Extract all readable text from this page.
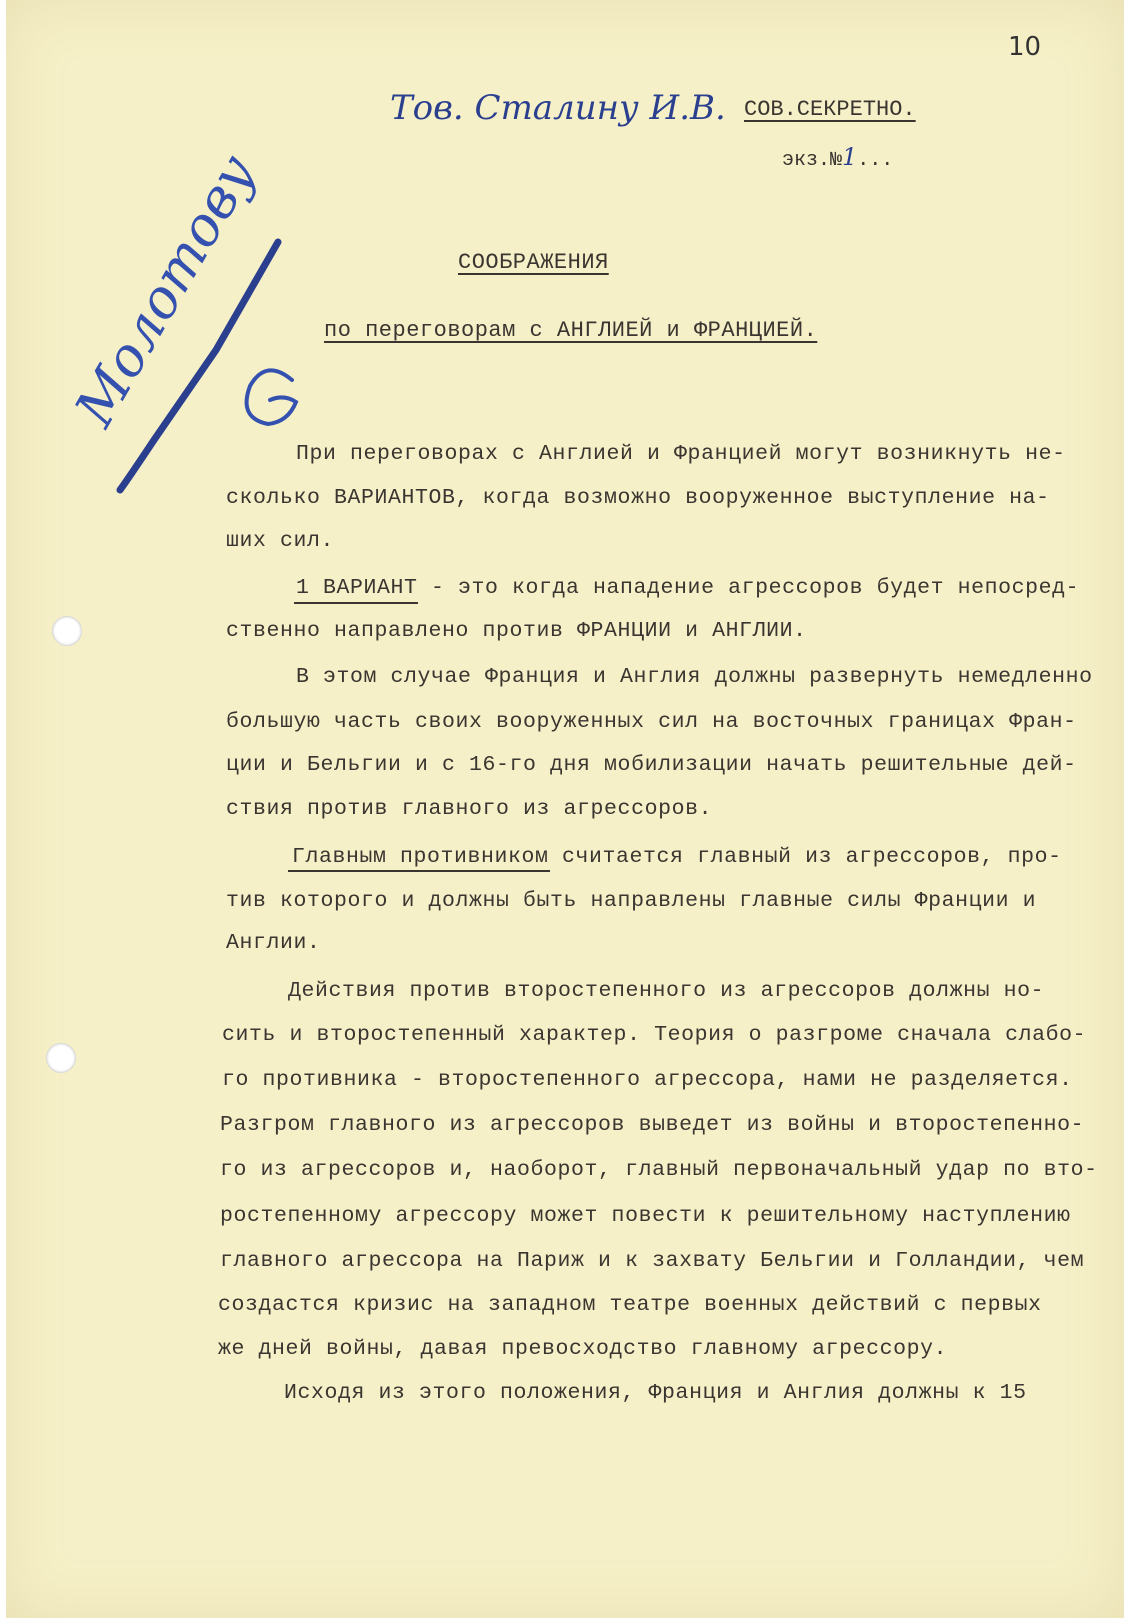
10
Тов. Сталину И.В. СОВ.СЕКРЕТНО.
экз.№1...
Молотову	СООБРАЖЕНИЯ
по переговорам с АНГЛИЕЙ и ФРАНЦИЕЙ.
При переговорах с Англией и Францией могут возникнуть не-
сколько ВАРИАНТОВ, когда возможно вооруженное выступление на-
ших сил.
1 ВАРИАНТ - это когда нападение агрессоров будет непосред-
ственно направлено против ФРАНЦИИ и АНГЛИИ.
В этом случае Франция и Англия должны развернуть немедленно
большую часть своих вооруженных сил на восточных границах Фран-
ции и Бельгии и с 16-го дня мобилизации начать решительные дей-
ствия против главного из агрессоров.
Главным противником считается главный из агрессоров, про-
тив которого и должны быть направлены главные силы Франции и
Англии.
Действия против второстепенного из агрессоров должны но-
сить и второстепенный характер. Теория о разгроме сначала слабо-
го противника - второстепенного агрессора, нами не разделяется.
Разгром главного из агрессоров выведет из войны и второстепенно-
го из агрессоров и, наоборот, главный первоначальный удар по вто-
ростепенному агрессору может повести к решительному наступлению
главного агрессора на Париж и к захвату Бельгии и Голландии, чем
создастся кризис на западном театре военных действий с первых
же дней войны, давая превосходство главному агрессору.
Исходя из этого положения, Франция и Англия должны к 15
